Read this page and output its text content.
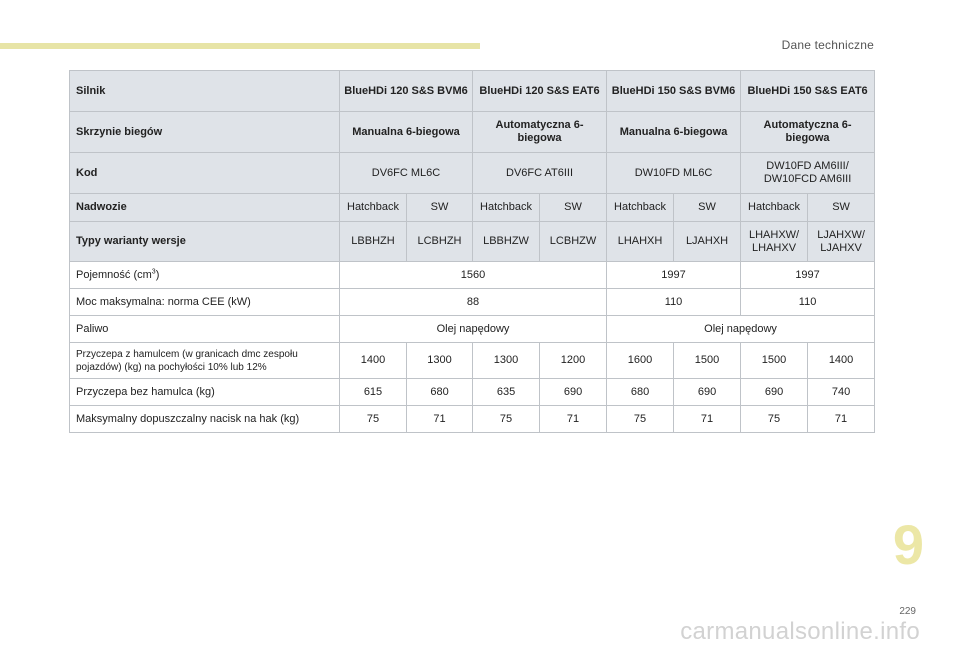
Dane techniczne
Silnik	BlueHDi 120 S&S BVM6		BlueHDi 120 S&S EAT6		BlueHDi 150 S&S BVM6		BlueHDi 150 S&S EAT6	
Skrzynie biegów	Manualna 6-biegowa		Automatyczna 6-biegowa		Manualna 6-biegowa		Automatyczna 6-biegowa	
Kod	DV6FC ML6C		DV6FC AT6III		DW10FD ML6C		DW10FD AM6III/ DW10FCD AM6III	
Nadwozie	Hatchback	SW	Hatchback	SW	Hatchback	SW	Hatchback	SW
Typy warianty wersje	LBBHZH	LCBHZH	LBBHZW	LCBHZW	LHAHXH	LJAHXH	LHAHXW/ LHAHXV	LJAHXW/ LJAHXV
Pojemność $(cm^3)$	1560				1997		1997	
Moc maksymalna: norma CEE (kW)	88				110		110	
Paliwo	Olej napędowy				Olej napędowy			
Przyczepa z hamulcem (w granicach dmc zespołu pojazdów) (kg) na pochyłości 10% lub 12%	1400	1300	1300	1200	1600	1500	1500	1400
Przyczepa bez hamulca (kg)	615	680	635	690	680	690	690	740
Maksymalny dopuszczalny nacisk na hak (kg)	75	71	75	71	75	71	75	71
9
229
carmanualsonline.info
